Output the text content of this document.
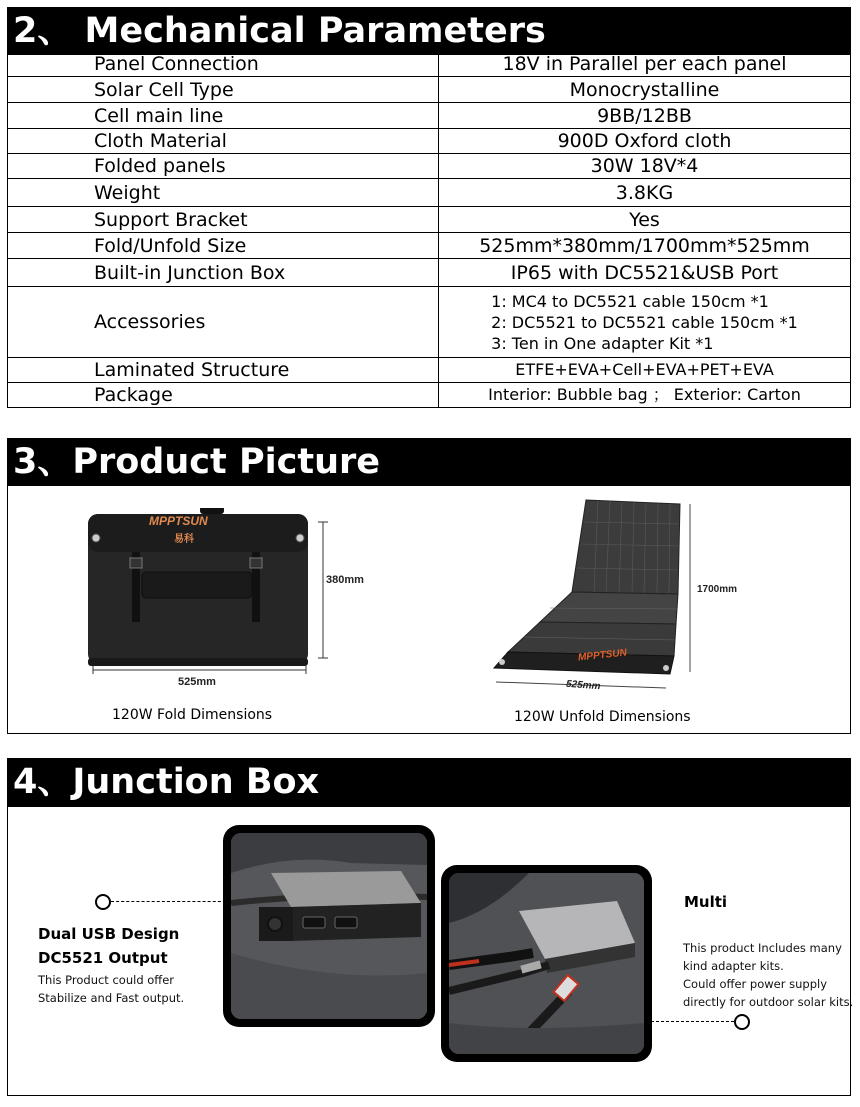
2、 Mechanical Parameters
Panel Connection	18V in Parallel per each panel
Solar Cell Type	Monocrystalline
Cell main line	9BB/12BB
Cloth Material	900D Oxford cloth
Folded panels	30W 18V*4
Weight	3.8KG
Support Bracket	Yes
Fold/Unfold Size	525mm*380mm/1700mm*525mm
Built-in Junction Box	IP65 with DC5521&USB Port
Accessories	1: MC4 to DC5521 cable 150cm *1
2: DC5521 to DC5521 cable 150cm *1
3: Ten in One adapter Kit *1

Laminated Structure	ETFE+EVA+Cell+EVA+PET+EVA
Package	Interior: Bubble bag ； Exterior: Carton
3、Product Picture
MPPTSUN
易科
380mm
525mm
120W Fold Dimensions
MPPTSUN
1700mm
525mm
120W Unfold Dimensions
4、Junction Box
Dual USB Design
DC5521 Output
This Product could offer
Stabilize and Fast output.
Multi
This product Includes many
kind adapter kits.
Could offer power supply
directly for outdoor solar kits.
